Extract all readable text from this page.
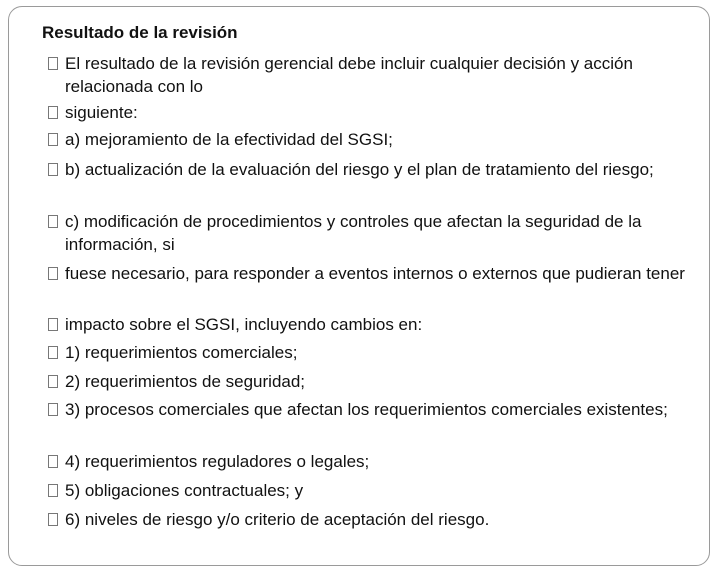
Resultado de la revisión
El resultado de la revisión gerencial debe incluir cualquier decisión y acción relacionada con lo
siguiente:
a) mejoramiento de la efectividad del SGSI;
b) actualización de la evaluación del riesgo y el plan de tratamiento del riesgo;
c) modificación de procedimientos y controles que afectan la seguridad de la información, si
fuese necesario, para responder a eventos internos o externos que pudieran tener
impacto sobre el SGSI, incluyendo cambios en:
1) requerimientos comerciales;
2) requerimientos de seguridad;
3) procesos comerciales que afectan los requerimientos comerciales existentes;
4) requerimientos reguladores o legales;
5) obligaciones contractuales; y
6) niveles de riesgo y/o criterio de aceptación del riesgo.
